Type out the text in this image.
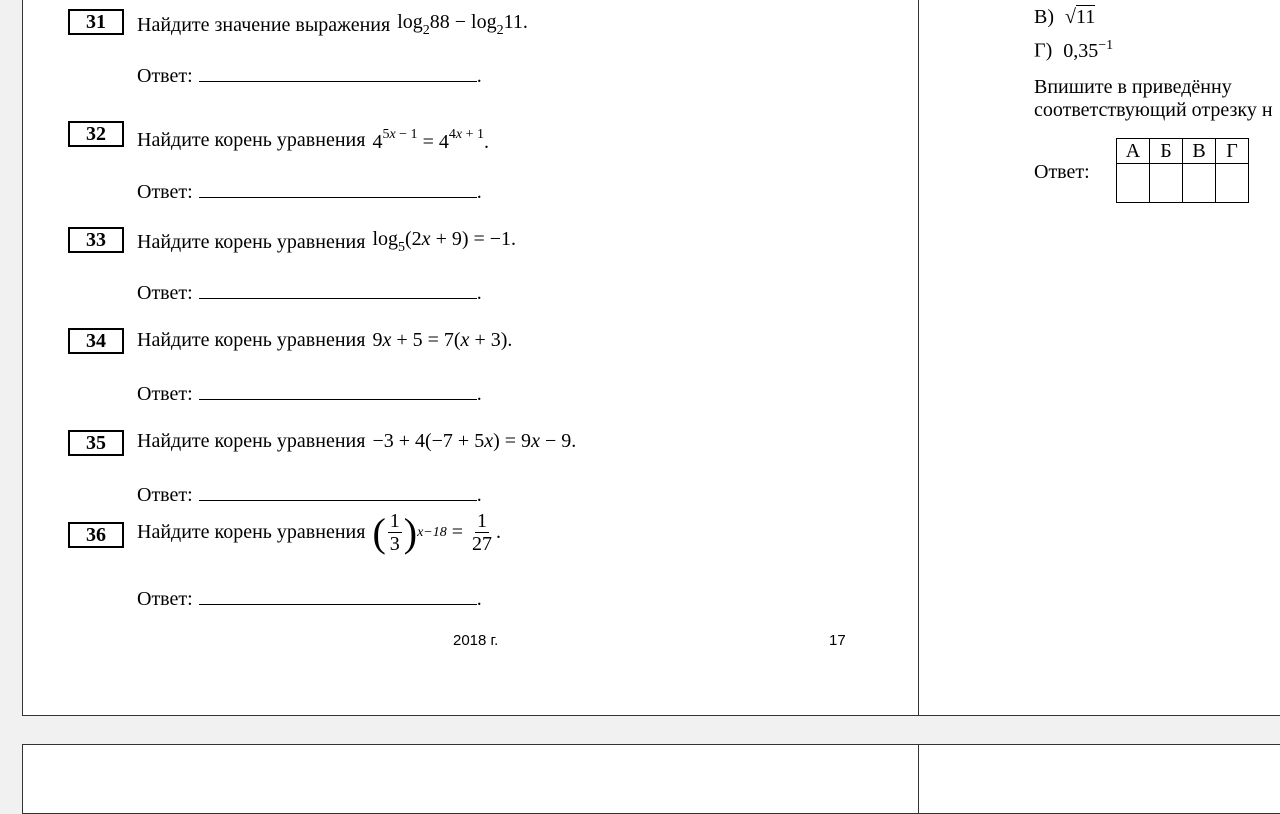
31	Найдите значение выражения $\log_288 - \log_211$.
Ответ:	.
32	Найдите корень уравнения $4^{5x - 1} = 4^{4x + 1}$.
Ответ:	.
33	Найдите корень уравнения $\log_5(2x + 9) = -1$.
Ответ:	.
34	Найдите корень уравнения 9x + 5 = 7(x + 3).
Ответ:	.
35	Найдите корень уравнения −3 + 4(−7 + 5x) = 9x − 9.
Ответ:	.
36	Найдите корень уравнения ( $\frac{1}{3}$ ) $x-18 = \frac{1}{27}$ .
Ответ:	.
2018 г.	17
В) √11
Г) $0,35^{-1}$
Впишите в приведённу
соответствующий отрезку н
Ответ:
А	Б	В	Г
